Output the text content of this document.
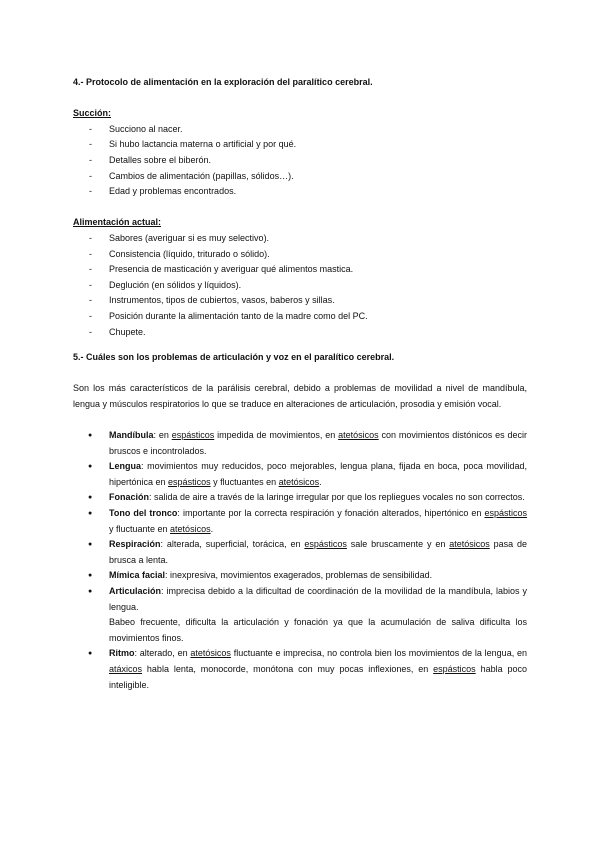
4.- Protocolo de alimentación en la exploración del paralítico cerebral.

Succión:

- Succiono al nacer.
- Si hubo lactancia materna o artificial y por qué.
- Detalles sobre el biberón.
- Cambios de alimentación (papillas, sólidos…).
- Edad y problemas encontrados.

Alimentación actual:

- Sabores (averiguar si es muy selectivo).
- Consistencia (líquido, triturado o sólido).
- Presencia de masticación y averiguar qué alimentos mastica.
- Deglución (en sólidos y líquidos).
- Instrumentos, tipos de cubiertos, vasos, baberos y sillas.
- Posición durante la alimentación tanto de la madre como del PC.
- Chupete.

5.- Cuáles son los problemas de articulación y voz en el paralítico cerebral.

Son los más característicos de la parálisis cerebral, debido a problemas de movilidad a nivel de mandíbula, lengua y músculos respiratorios lo que se traduce en alteraciones de articulación, prosodia y emisión vocal.

● Mandíbula: en espásticos impedida de movimientos, en atetósicos con movimientos distónicos es decir bruscos e incontrolados.
● Lengua: movimientos muy reducidos, poco mejorables, lengua plana, fijada en boca, poca movilidad, hipertónica en espásticos y fluctuantes en atetósicos.
● Fonación: salida de aire a través de la laringe irregular por que los repliegues vocales no son correctos.
● Tono del tronco: importante por la correcta respiración y fonación alterados, hipertónico en espásticos y fluctuante en atetósicos.
● Respiración: alterada, superficial, torácica, en espásticos sale bruscamente y en atetósicos pasa de brusca a lenta.
● Mímica facial: inexpresiva, movimientos exagerados, problemas de sensibilidad.
● Articulación: imprecisa debido a la dificultad de coordinación de la movilidad de la mandíbula, labios y lengua.
Babeo frecuente, dificulta la articulación y fonación ya que la acumulación de saliva dificulta los movimientos finos.
● Ritmo: alterado, en atetósicos fluctuante e imprecisa, no controla bien los movimientos de la lengua, en atáxicos habla lenta, monocorde, monótona con muy pocas inflexiones, en espásticos habla poco inteligible.
